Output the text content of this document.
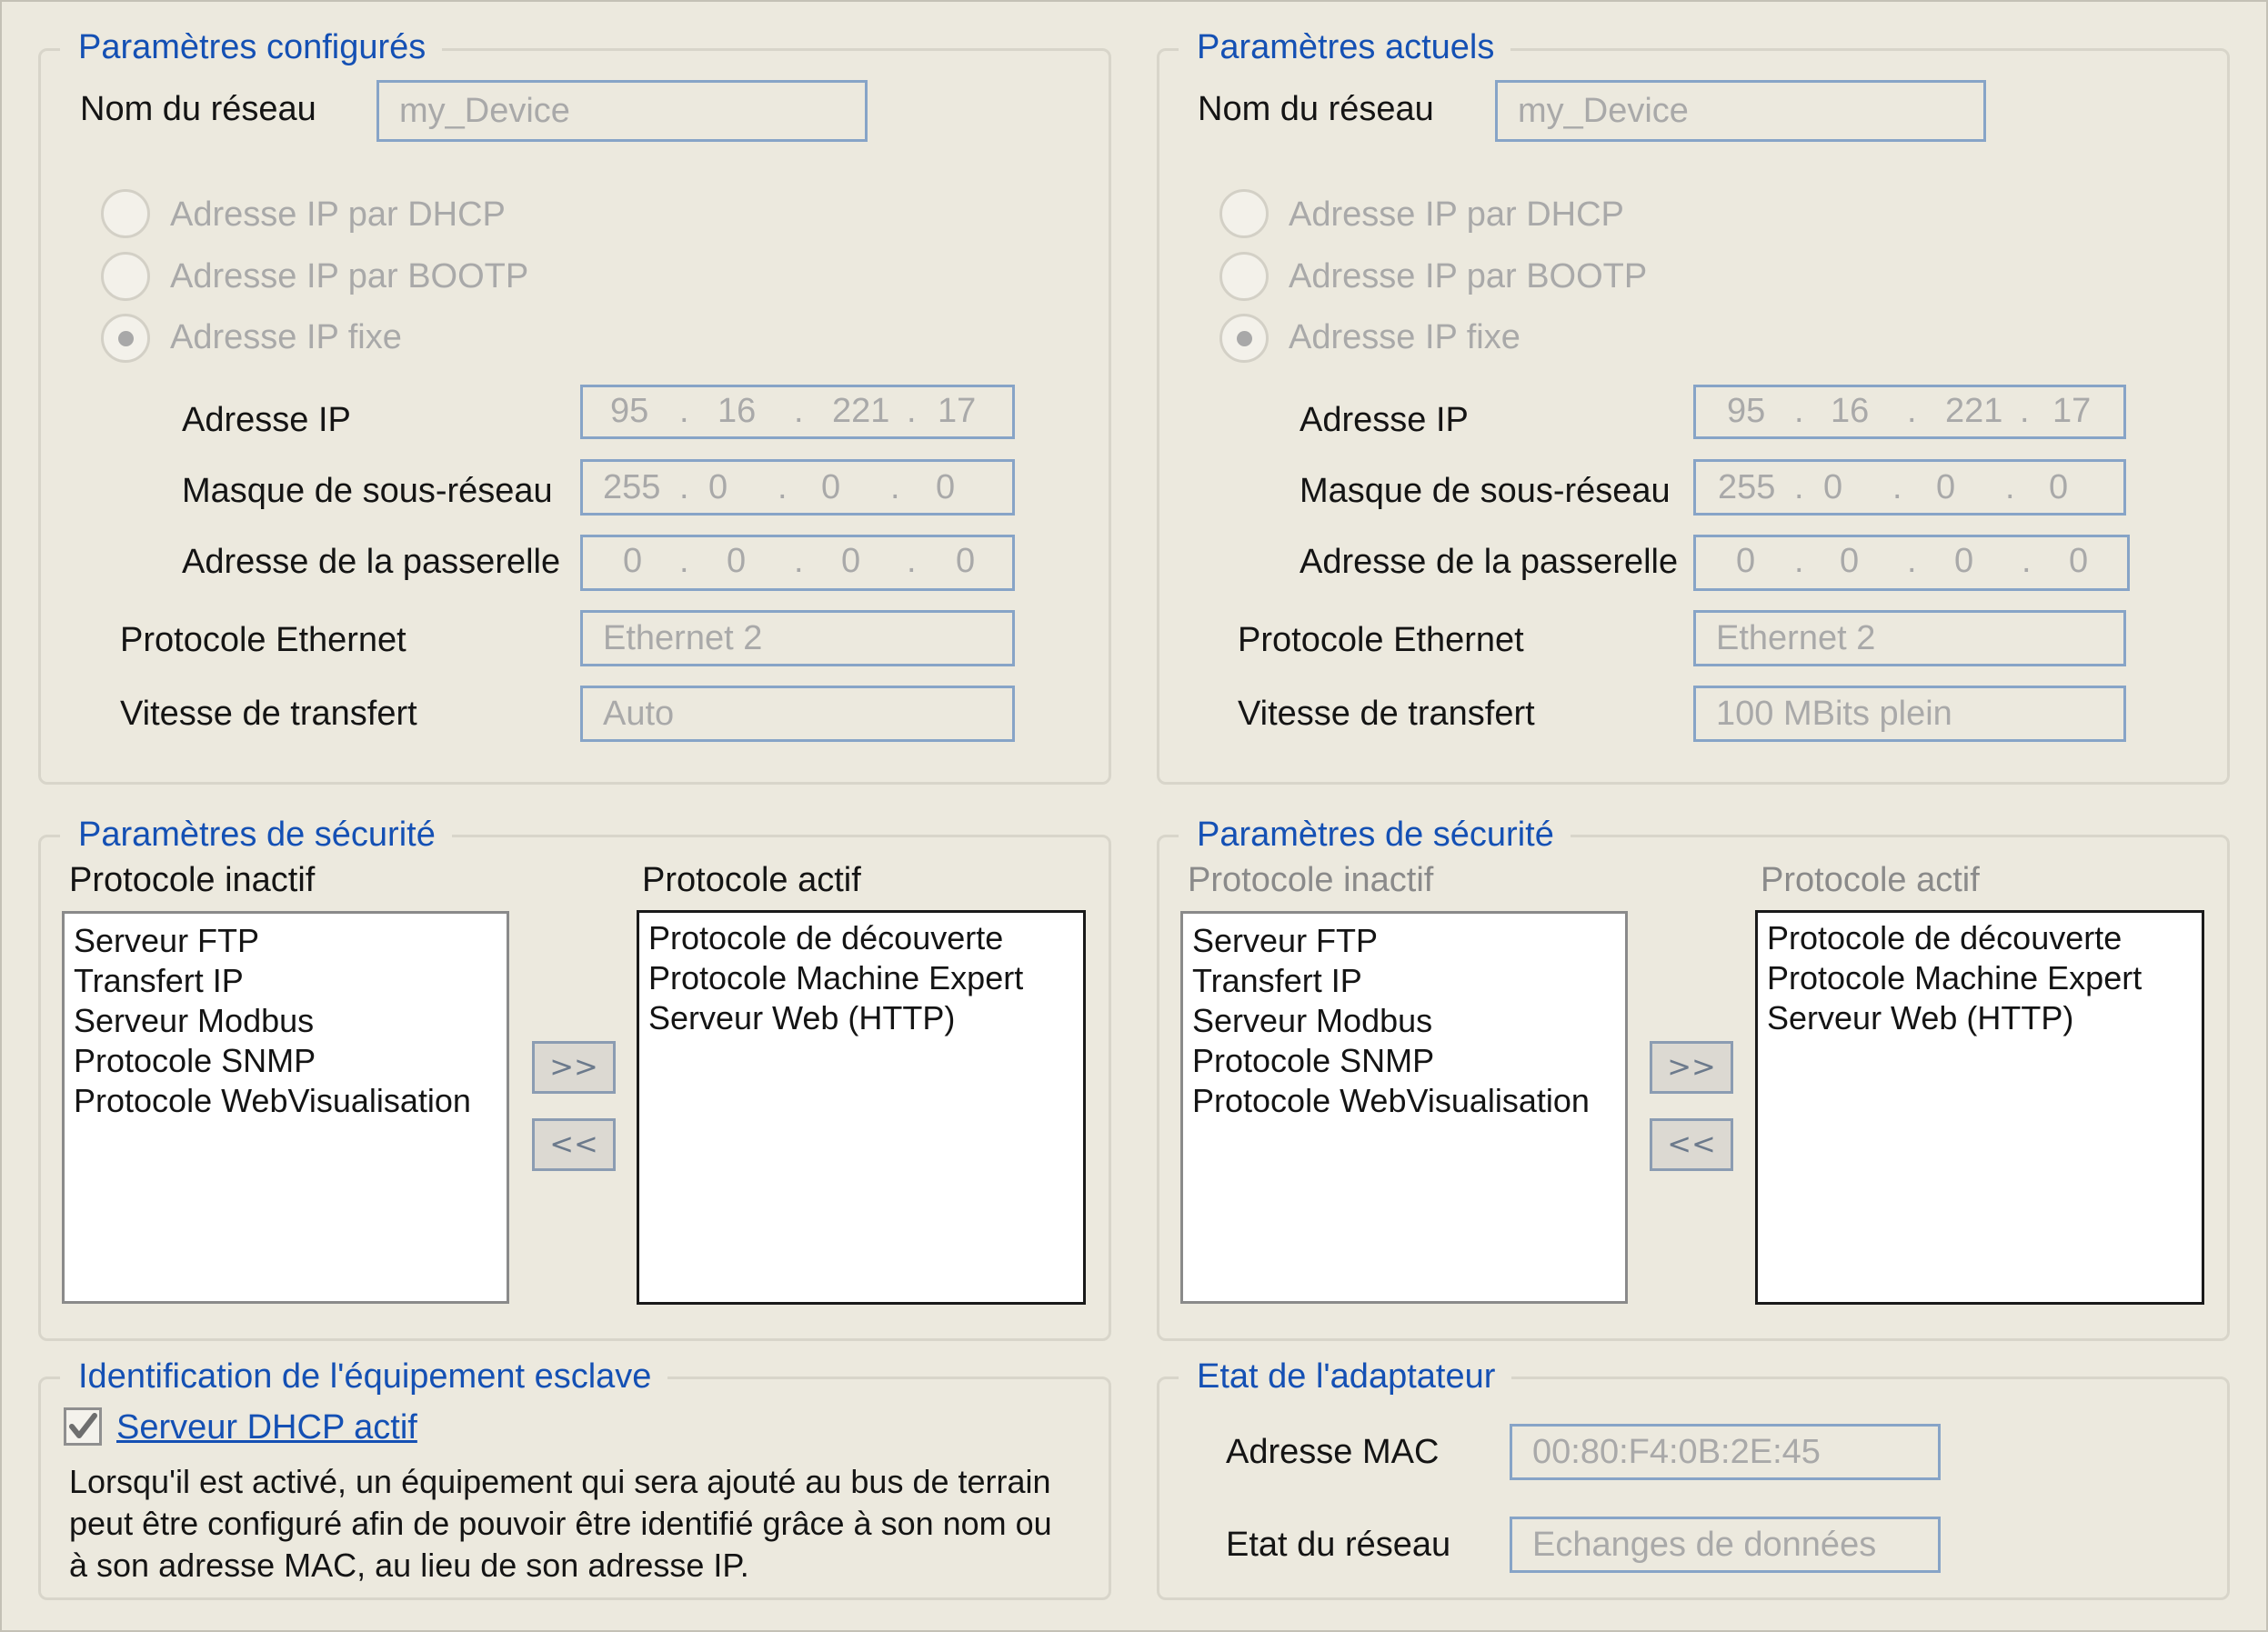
Paramètres configurés
Nom du réseau	my_Device
Adresse IP par DHCP
Adresse IP par BOOTP
Adresse IP fixe
Adresse IP	95 . 16 . 221 . 17
Masque de sous-réseau 255 . 0 . 0 . 0
Adresse de la passerelle 0 . 0 . 0 . 0
Protocole Ethernet	Ethernet 2
Vitesse de transfert	Auto
Paramètres actuels
Nom du réseau	my_Device
Adresse IP par DHCP
Adresse IP par BOOTP
Adresse IP fixe
Adresse IP	95 . 16 . 221 . 17
Masque de sous-réseau 255 . 0 . 0 . 0
Adresse de la passerelle 0 . 0 . 0 . 0
Protocole Ethernet	Ethernet 2
Vitesse de transfert	100 MBits plein
Paramètres de sécurité
Protocole inactif	Protocole actif
Serveur FTP
Transfert IP
Serveur Modbus
Protocole SNMP
Protocole WebVisualisation
>>
<<
Protocole de découverte
Protocole Machine Expert
Serveur Web (HTTP)
Paramètres de sécurité
Protocole inactif	Protocole actif
Serveur FTP
Transfert IP
Serveur Modbus
Protocole SNMP
Protocole WebVisualisation
>>
<<
Protocole de découverte
Protocole Machine Expert
Serveur Web (HTTP)
Identification de l'équipement esclave
Serveur DHCP actif
Lorsqu'il est activé, un équipement qui sera ajouté au bus de terrain
peut être configuré afin de pouvoir être identifié grâce à son nom ou
à son adresse MAC, au lieu de son adresse IP.
Etat de l'adaptateur
Adresse MAC	00:80:F4:0B:2E:45
Etat du réseau	Echanges de données
